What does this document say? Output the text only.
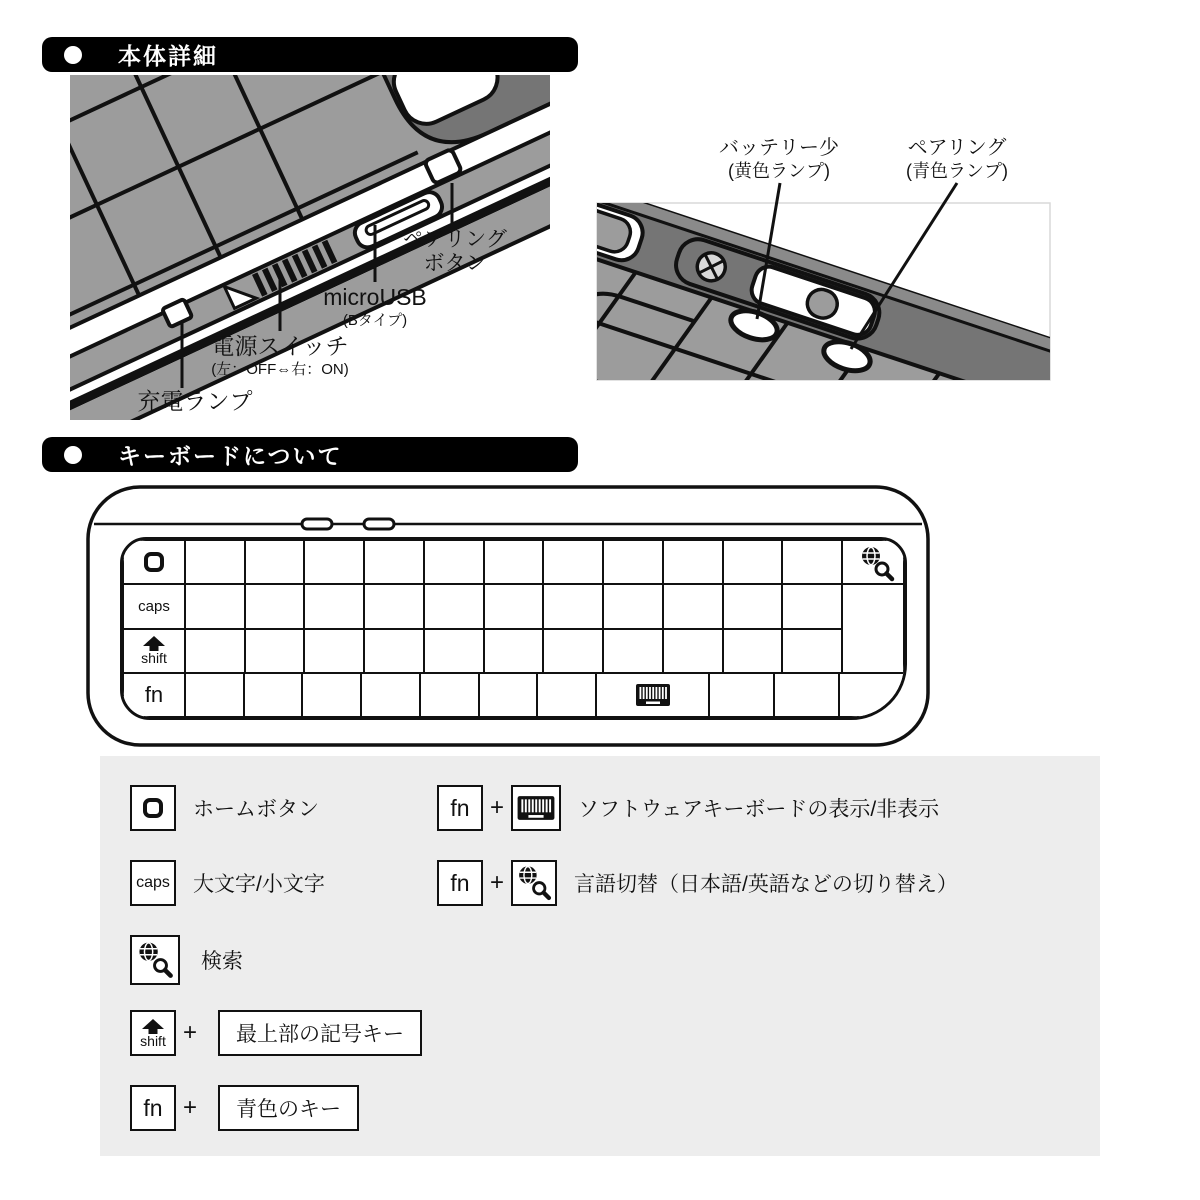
本体詳細
ペアリング
ボタン
microUSB
(Bタイプ)
電源スイッチ
(左：OFF⇔右：ON)
充電ランプ
バッテリー少
(黄色ランプ)
ペアリング
(青色ランプ)
キーボードについて
caps
shift
fn
ホームボタン	fn +	ソフトウェアキーボードの表示/非表示
caps 大文字/小文字	fn +	言語切替（日本語/英語などの切り替え）
検索
shift +	最上部の記号キー
fn +	青色のキー
